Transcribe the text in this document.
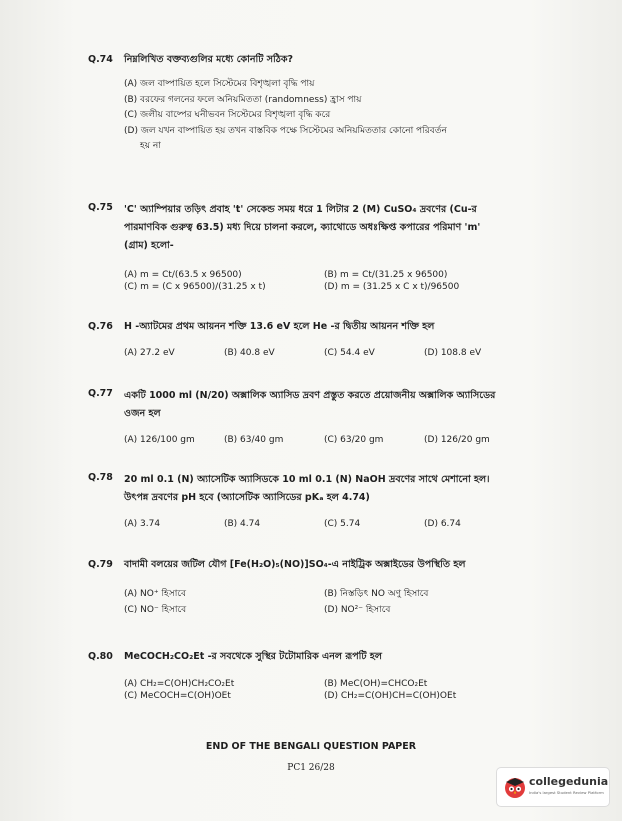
Q.74 নিম্নলিখিত বক্তব্যগুলির মধ্যে কোনটি সঠিক?
(A) জল বাষ্পায়িত হলে সিস্টেমের বিশৃঙ্খলা বৃদ্ধি পায়
(B) বরফের গলনের ফলে অনিয়মিততা (randomness) হ্রাস পায়
(C) জলীয় বাষ্পের ঘনীভবন সিস্টেমের বিশৃঙ্খলা বৃদ্ধি করে
(D) জল যখন বাষ্পায়িত হয় তখন বাস্তবিক পক্ষে সিস্টেমের অনিয়মিততার কোনো পরিবর্তন
হয় না
Q.75 'C' অ্যাম্পিয়ার তড়িৎ প্রবাহ 't' সেকেন্ড সময় ধরে 1 লিটার 2 (M) CuSO₄ দ্রবণের (Cu-র
পারমাণবিক গুরুত্ব 63.5) মধ্য দিয়ে চালনা করলে, ক্যাথোডে অধঃক্ষিপ্ত কপারের পরিমাণ 'm'
(গ্রাম) হলো-
(A) m = Ct/(63.5 x 96500)	(B) m = Ct/(31.25 x 96500)
(C) m = (C x 96500)/(31.25 x t)	(D) m = (31.25 x C x t)/96500
Q.76 H -অ্যাটমের প্রথম আয়নন শক্তি 13.6 eV হলে He -র দ্বিতীয় আয়নন শক্তি হল
(A) 27.2 eV	(B) 40.8 eV	(C) 54.4 eV	(D) 108.8 eV
Q.77 একটি 1000 ml (N/20) অক্সালিক অ্যাসিড দ্রবণ প্রস্তুত করতে প্রয়োজনীয় অক্সালিক অ্যাসিডের
ওজন হল
(A) 126/100 gm	(B) 63/40 gm	(C) 63/20 gm	(D) 126/20 gm
Q.78 20 ml 0.1 (N) অ্যাসেটিক অ্যাসিডকে 10 ml 0.1 (N) NaOH দ্রবণের সাথে মেশানো হল।
উৎপন্ন দ্রবণের pH হবে (অ্যাসেটিক অ্যাসিডের pKₐ হল 4.74)
(A) 3.74	(B) 4.74	(C) 5.74	(D) 6.74
Q.79 বাদামী বলয়ের জটিল যৌগ [Fe(H₂O)₅(NO)]SO₄-এ নাইট্রিক অক্সাইডের উপস্থিতি হল
(A) NO⁺ হিসাবে	(B) নিস্তড়িৎ NO অণু হিসাবে
(C) NO⁻ হিসাবে	(D) NO²⁻ হিসাবে
Q.80 MeCOCH₂CO₂Et -র সবথেকে সুস্থির টটোমারিক এনল রূপটি হল
(A) CH₂=C(OH)CH₂CO₂Et	(B) MeC(OH)=CHCO₂Et
(C) MeCOCH=C(OH)OEt	(D) CH₂=C(OH)CH=C(OH)OEt
END OF THE BENGALI QUESTION PAPER
PC1 26/28
collegedunia
India's largest Student Review Platform
